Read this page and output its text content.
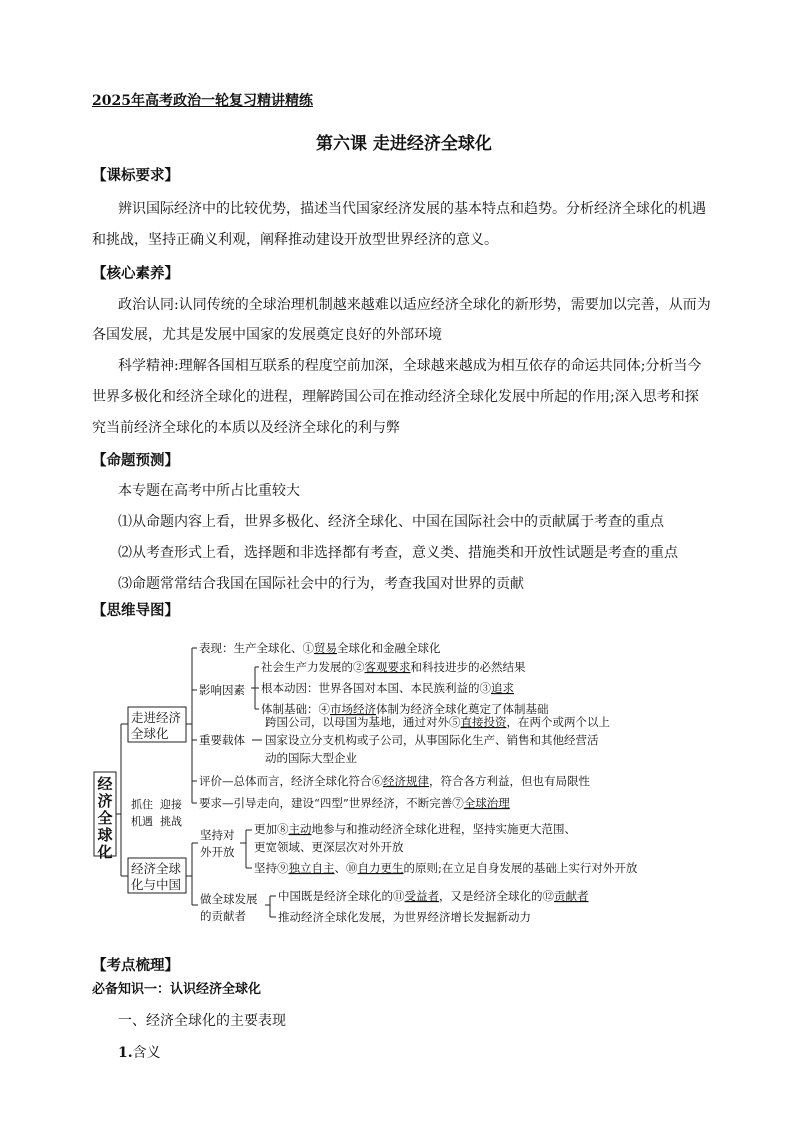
2025年高考政治一轮复习精讲精练
第六课 走进经济全球化
【课标要求】
辨识国际经济中的比较优势，描述当代国家经济发展的基本特点和趋势。分析经济全球化的机遇
和挑战，坚持正确义利观，阐释推动建设开放型世界经济的意义。
【核心素养】
政治认同:认同传统的全球治理机制越来越难以适应经济全球化的新形势，需要加以完善，从而为
各国发展，尤其是发展中国家的发展奠定良好的外部环境
科学精神:理解各国相互联系的程度空前加深，全球越来越成为相互依存的命运共同体;分析当今
世界多极化和经济全球化的进程，理解跨国公司在推动经济全球化发展中所起的作用;深入思考和探
究当前经济全球化的本质以及经济全球化的利与弊
【命题预测】
本专题在高考中所占比重较大
⑴从命题内容上看，世界多极化、经济全球化、中国在国际社会中的贡献属于考查的重点
⑵从考查形式上看，选择题和非选择都有考查，意义类、措施类和开放性试题是考查的重点
⑶命题常常结合我国在国际社会中的行为，考查我国对世界的贡献
【思维导图】
经
济
全
球
化
抓住
机遇
迎接
挑战
走进经济
全球化
经济全球
化与中国
表现：生产全球化、①贸易全球化和金融全球化
影响因素
社会生产力发展的②客观要求和科技进步的必然结果
根本动因：世界各国对本国、本民族利益的③追求
体制基础：④市场经济体制为经济全球化奠定了体制基础
重要载体
跨国公司，以母国为基地，通过对外⑤直接投资，在两个或两个以上
国家设立分支机构或子公司，从事国际化生产、销售和其他经营活
动的国际大型企业
评价—总体而言，经济全球化符合⑥经济规律，符合各方利益，但也有局限性
要求—引导走向，建设“四型”世界经济，不断完善⑦全球治理
坚持对
外开放
更加⑧主动地参与和推动经济全球化进程，坚持实施更大范围、
更宽领域、更深层次对外开放
坚持⑨独立自主、⑩自力更生的原则;在立足自身发展的基础上实行对外开放
做全球发展
的贡献者
中国既是经济全球化的⑪受益者，又是经济全球化的⑫贡献者
推动经济全球化发展，为世界经济增长发掘新动力
【考点梳理】
必备知识一：认识经济全球化
一、经济全球化的主要表现
1.含义
